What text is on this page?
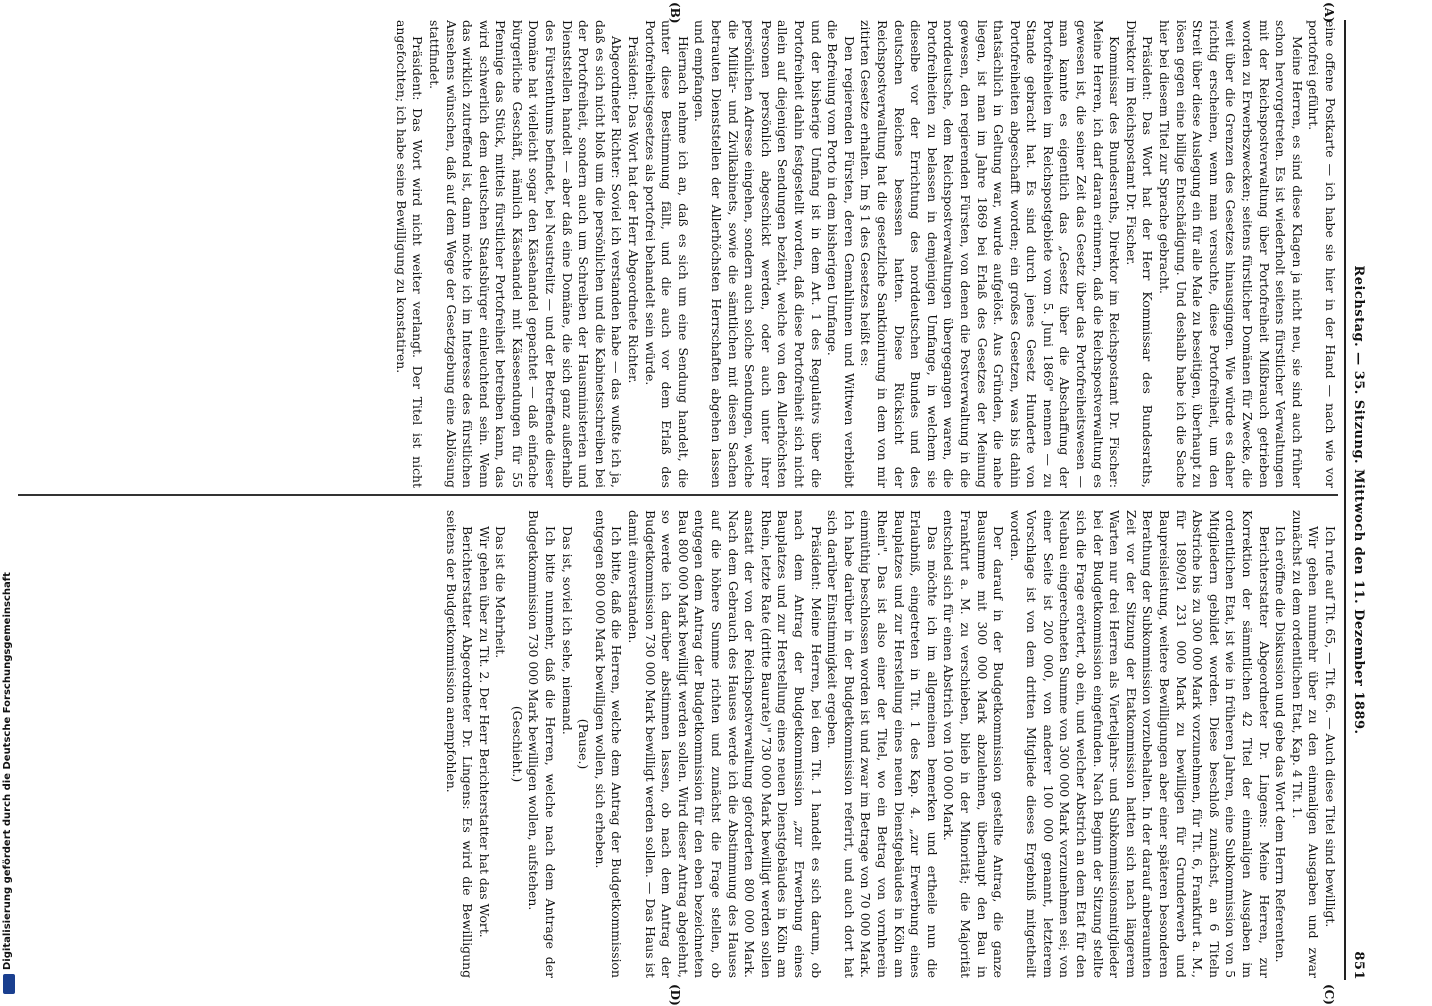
Reichstag. — 35. Sitzung. Mittwoch den 11. Dezember 1889.
851
(A)
(B)
(C)
(D)

eine offene Postkarte — ich habe sie hier in der Hand — nach wie vor portofrei geführt.

Meine Herren, es sind diese Klagen ja nicht neu, sie sind auch früher schon hervorgetreten. Es ist wiederholt seitens fürstlicher Verwaltungen mit der Reichspostverwaltung über Portofreiheit Mißbrauch getrieben worden zu Erwerbszwecken; seitens fürstlicher Domänen für Zwecke, die weit über die Grenzen des Gesetzes hinausgingen. Wie würde es daher richtig erscheinen, wenn man versuchte, diese Portofreiheit, um den Streit über diese Auslegung ein für alle Male zu beseitigen, überhaupt zu lösen gegen eine billige Entschädigung. Und deshalb habe ich die Sache hier bei diesem Titel zur Sprache gebracht.

Präsident: Das Wort hat der Herr Kommissar des Bundesraths, Direktor im Reichspostamt Dr. Fischer.

Kommissar des Bundesraths, Direktor im Reichspostamt Dr. Fischer: Meine Herren, ich darf daran erinnern, daß die Reichspostverwaltung es gewesen ist, die seiner Zeit das Gesetz über das Portofreiheitswesen — man kannte es eigentlich das „Gesetz über die Abschaffung der Portofreiheiten im Reichspostgebiete vom 5. Juni 1869" nennen — zu Stande gebracht hat. Es sind durch jenes Gesetz Hunderte von Portofreiheiten abgeschafft worden; ein großes Gesetzen, was bis dahin thatsächlich in Geltung war, wurde aufgelöst. Aus Gründen, die nahe liegen, ist man im Jahre 1869 bei Erlaß des Gesetzes der Meinung gewesen, den regierenden Fürsten, von denen die Postverwaltung in die norddeutsche, dem Reichspostverwaltungen übergegangen waren, die Portofreiheiten zu belassen in demjenigen Umfange, in welchem sie dieselbe vor der Errichtung des norddeutschen Bundes und des deutschen Reiches besessen hatten. Diese Rücksicht der Reichspostverwaltung hat die gesetzliche Sanktionirung in dem von mir zitirten Gesetze erhalten. Im § 1 des Gesetzes heißt es:

Den regierenden Fürsten, deren Gemahlinnen und Wittwen verbleibt die Befreiung vom Porto in dem bisherigen Umfange.

und der bisherige Umfang ist in dem Art. 1 des Regulativs über die Portofreiheit dahin festgestellt worden, daß diese Portofreiheit sich nicht allein auf diejenigen Sendungen bezieht, welche von den Allerhöchsten Personen persönlich abgeschickt werden, oder auch unter ihrer persönlichen Adresse eingehen, sondern auch solche Sendungen, welche die Militär- und Zivilkabinets, sowie die sämtlichen mit diesen Sachen betrauten Dienststellen der Allerhöchsten Herrschaften abgehen lassen und empfangen.

Hiernach nehme ich an, daß es sich um eine Sendung handelt, die unter diese Bestimmung fällt, und die auch vor dem Erlaß des Portofreiheitsgesetzes als portofrei behandelt sein würde.

Präsident: Das Wort hat der Herr Abgeordnete Richter.

Abgeordneter Richter: Soviel ich verstanden habe — das wußte ich ja, daß es sich nicht bloß um die persönlichen und die Kabinetsschreiben bei der Portofreiheit, sondern auch um Schreiben der Hausministerien und Dienststellen handelt — aber daß eine Domäne, die sich ganz außerhalb des Fürstenthums befindet, bei Neustrelitz — und der Betreffende dieser Domäne hat vielleicht sogar den Käsehandel gepachtet — daß einfache bürgerliche Geschäft, nämlich Käsehandel mit Käsesendungen für 55 Pfennige das Stück, mittels fürstlicher Portofreiheit betreiben kann, das wird schwerlich dem deutschen Staatsbürger einleuchtend sein. Wenn das wirklich zutreffend ist, dann möchte ich im Interesse des fürstlichen Ansehens wünschen, daß auf dem Wege der Gesetzgebung eine Ablösung stattfindet.

Präsident: Das Wort wird nicht weiter verlangt. Der Titel ist nicht angefochten; ich habe seine Bewilligung zu konstatiren.

Ich rufe auf Tit. 65, — Tit. 66. — Auch diese Titel sind bewilligt.

Wir gehen nunmehr über zu den einmaligen Ausgaben und zwar zunächst zu dem ordentlichen Etat, Kap. 4 Tit. 1.

Ich eröffne die Diskussion und gebe das Wort dem Herrn Referenten.

Berichterstatter Abgeordneter Dr. Lingens: Meine Herren, zur Korrektion der sämmtlichen 42 Titel der einmaligen Ausgaben im ordentlichen Etat, ist wie in früheren Jahren, eine Subkommission von 5 Mitgliedern gebildet worden. Diese beschloß zunächst, an 6 Titeln Abstriche bis zu 300 000 Mark vorzunehmen, für Tit. 6, Frankfurt a. M., für 1890/91 231 000 Mark zu bewilligen für Grunderwerb und Baupreisleistung, weitere Bewilligungen aber einer späteren besonderen Berathung der Subkommission vorzubehalten. In der darauf anberaumten Zeit vor der Sitzung der Etatkommission hatten sich nach längerem Warten nur drei Herren als Vierteljahrs- und Subkommissionsmitglieder bei der Budgetkommission eingefunden. Nach Beginn der Sitzung stellte sich die Frage erörtert, ob ein, und welcher Abstrich an dem Etat für den Neubau eingerechneten Summe von 300 000 Mark vorzunehmen sei; von einer Seite ist 200 000, von anderer 100 000 genannt, letzterem Vorschlage ist von dem dritten Mitgliede dieses Ergebniß mitgetheilt worden.

Der darauf in der Budgetkommission gestellte Antrag, die ganze Bausumme mit 300 000 Mark abzulehnen, überhaupt den Bau in Frankfurt a. M. zu verschieben, blieb in der Minorität; die Majorität entschied sich für einen Abstrich von 100 000 Mark.

Das möchte ich im allgemeinen bemerken und ertheile nun die Erlaubniß, eingetreten in Tit. 1 des Kap. 4. „zur Erwerbung eines Bauplatzes und zur Herstellung eines neuen Dienstgebäudes in Köln am Rhein". Das ist also einer der Titel, wo ein Betrag von vornherein einmüthig beschlossen worden ist und zwar im Betrage von 70 000 Mark. Ich habe darüber in der Budgetkommission referirt, und auch dort hat sich darüber Einstimmigkeit ergeben.

Präsident: Meine Herren, bei dem Tit. 1 handelt es sich darum, ob nach dem Antrag der Budgetkommission „zur Erwerbung eines Bauplatzes und zur Herstellung eines neuen Dienstgebäudes in Köln am Rhein, letzte Rate (dritte Baurate)" 730 000 Mark bewilligt werden sollen anstatt der von der Reichspostverwaltung geforderten 800 000 Mark. Nach dem Gebrauch des Hauses werde ich die Abstimmung des Hauses auf die höhere Summe richten und zunächst die Frage stellen, ob entgegen dem Antrag der Budgetkommission für den eben bezeichneten Bau 800 000 Mark bewilligt werden sollen. Wird dieser Antrag abgelehnt, so werde ich darüber abstimmen lassen, ob nach dem Antrag der Budgetkommission 730 000 Mark bewilligt werden sollen. — Das Haus ist damit einverstanden.

Ich bitte, daß die Herren, welche dem Antrag der Budgetkommission entgegen 800 000 Mark bewilligen wollen, sich erheben.

(Pause.)

Das ist, soviel ich sehe, niemand.

Ich bitte nunmehr, daß die Herren, welche nach dem Antrage der Budgetkommission 730 000 Mark bewilligen wollen, aufstehen.

(Geschieht.)

Das ist die Mehrheit.

Wir gehen über zu Tit. 2. Der Herr Berichterstatter hat das Wort.

Berichterstatter Abgeordneter Dr. Lingens: Es wird die Bewilligung seitens der Budgetkommission anempfohlen.

Digitalisierung gefördert durch die Deutsche Forschungsgemeinschaft
